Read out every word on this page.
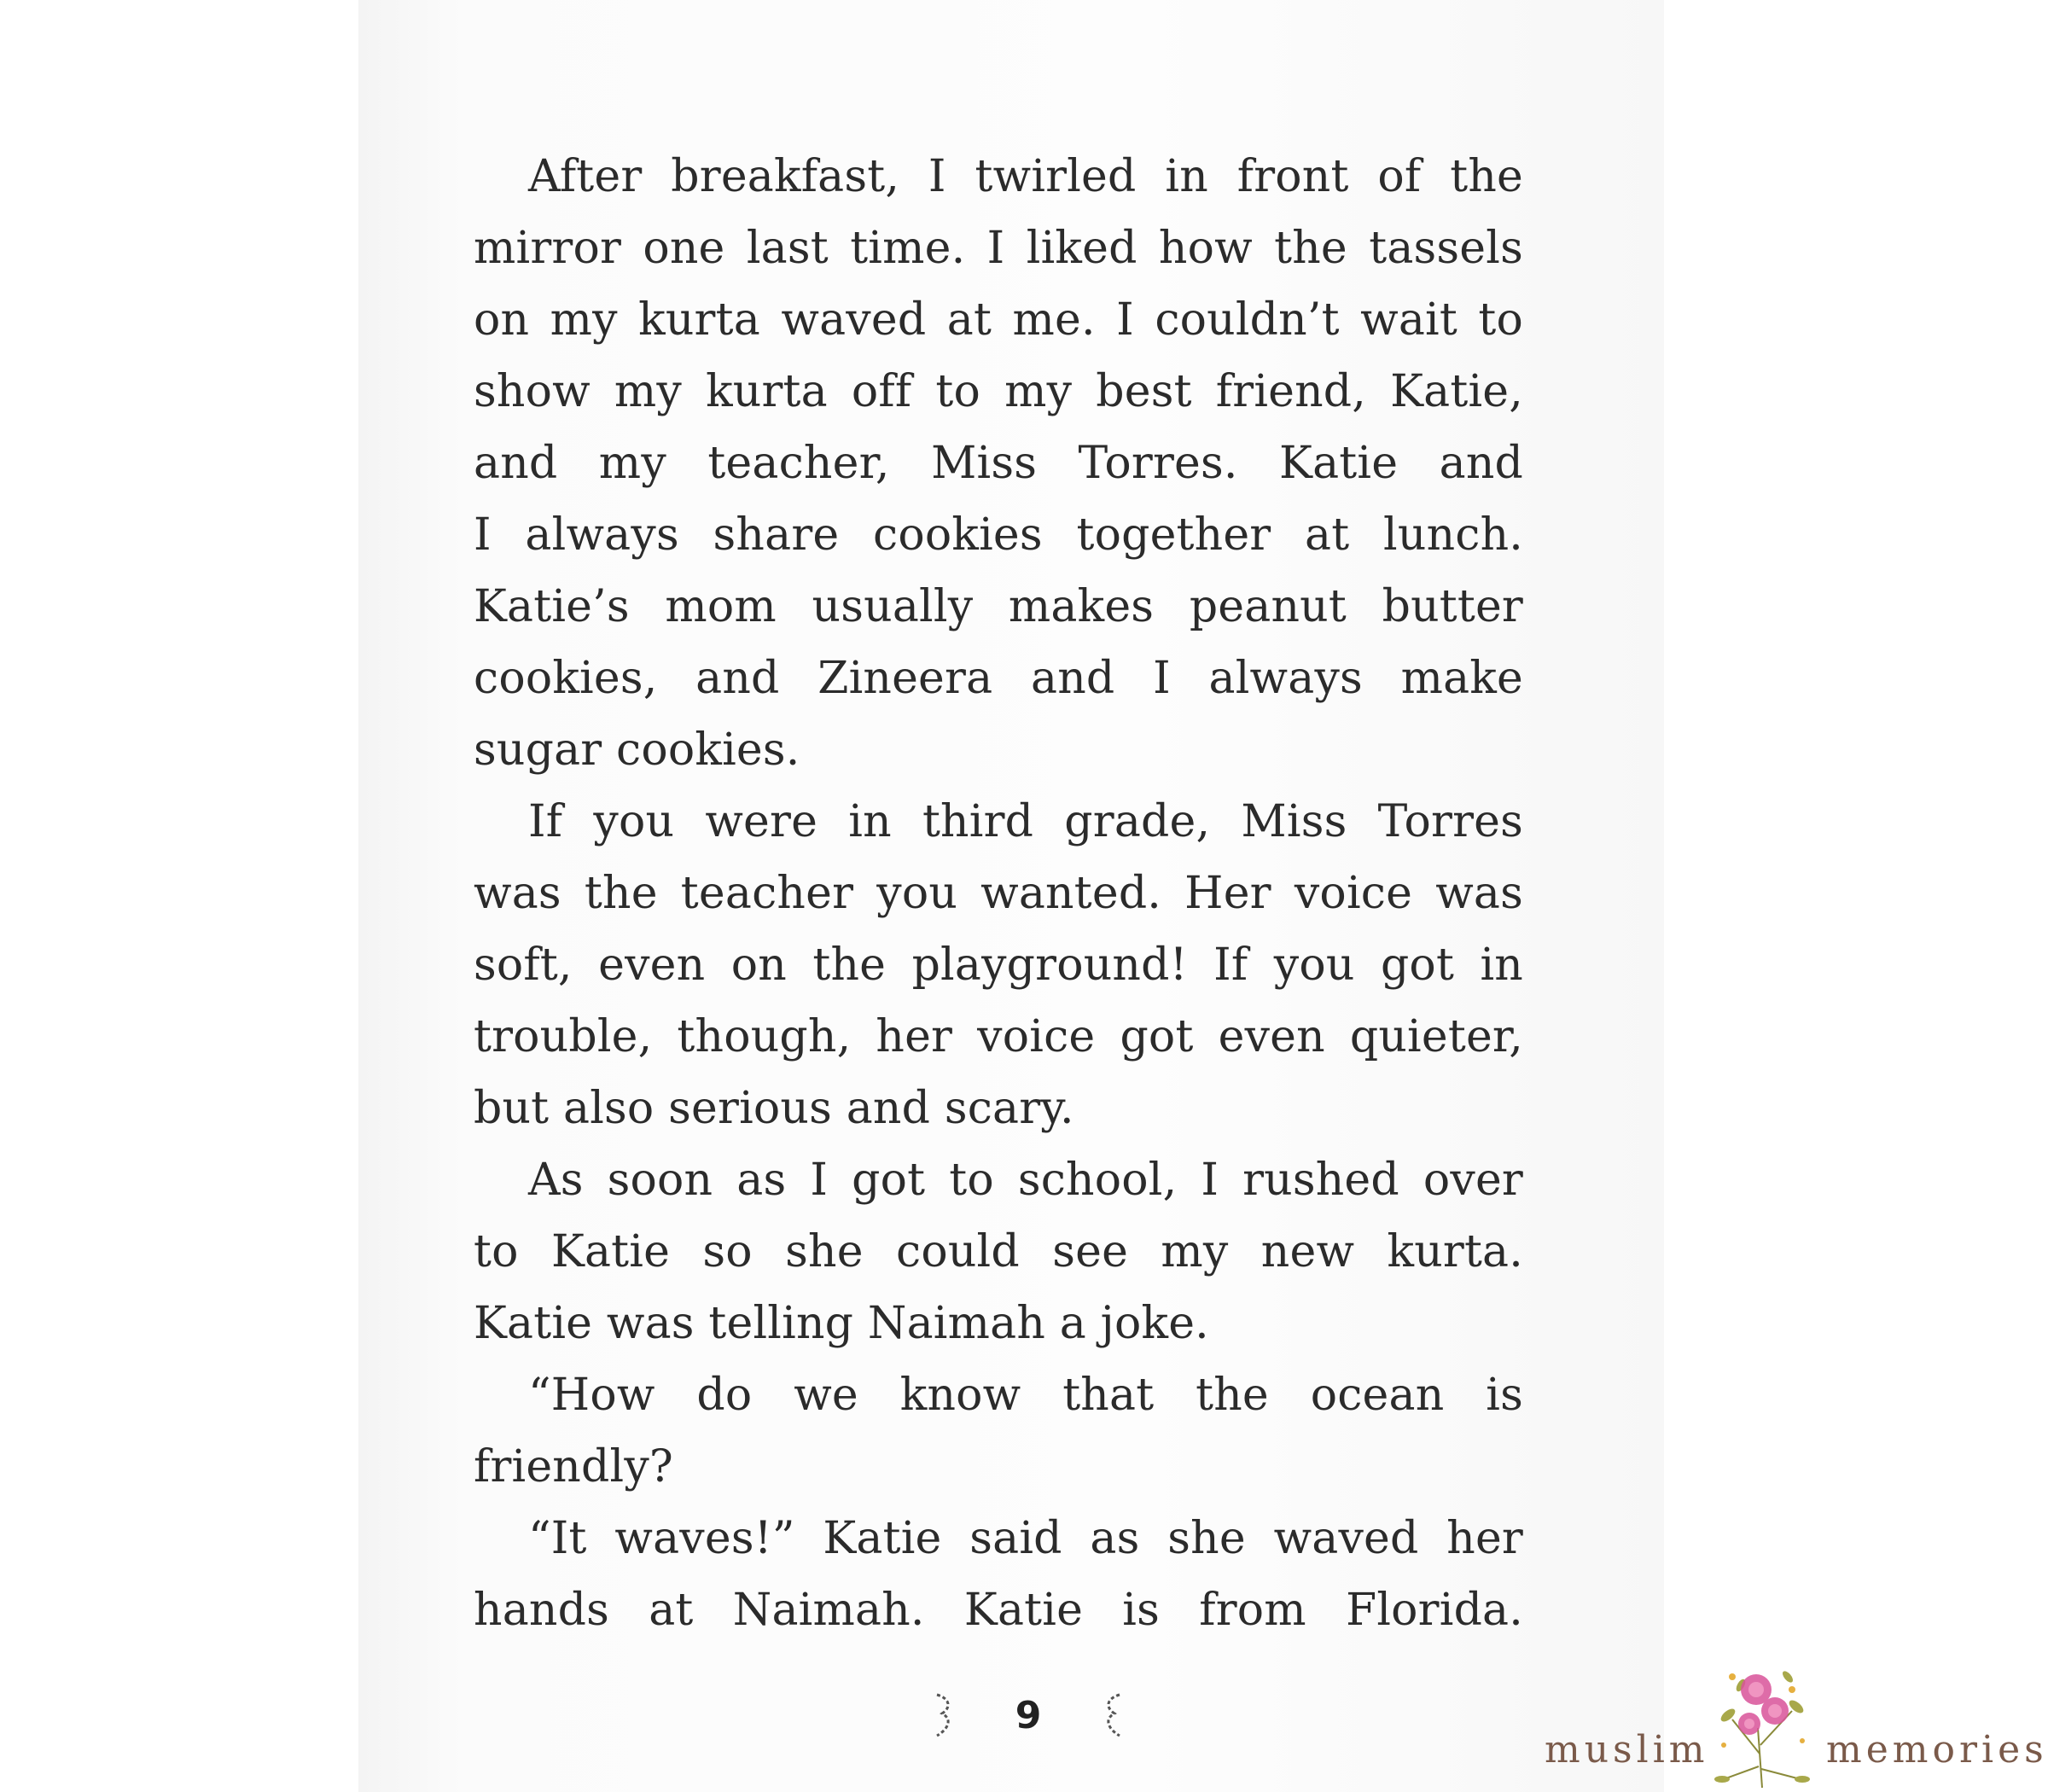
After breakfast, I twirled in front of the
mirror one last time. I liked how the tassels
on my kurta waved at me. I couldn’t wait to
show my kurta off to my best friend, Katie,
and my teacher, Miss Torres. Katie and
I always share cookies together at lunch.
Katie’s mom usually makes peanut butter
cookies, and Zineera and I always make
sugar cookies.
If you were in third grade, Miss Torres
was the teacher you wanted. Her voice was
soft, even on the playground! If you got in
trouble, though, her voice got even quieter,
but also serious and scary.
As soon as I got to school, I rushed over
to Katie so she could see my new kurta.
Katie was telling Naimah a joke.
“How do we know that the ocean is
friendly?
“It waves!” Katie said as she waved her
hands at Naimah. Katie is from Florida.
9
muslim	memories
